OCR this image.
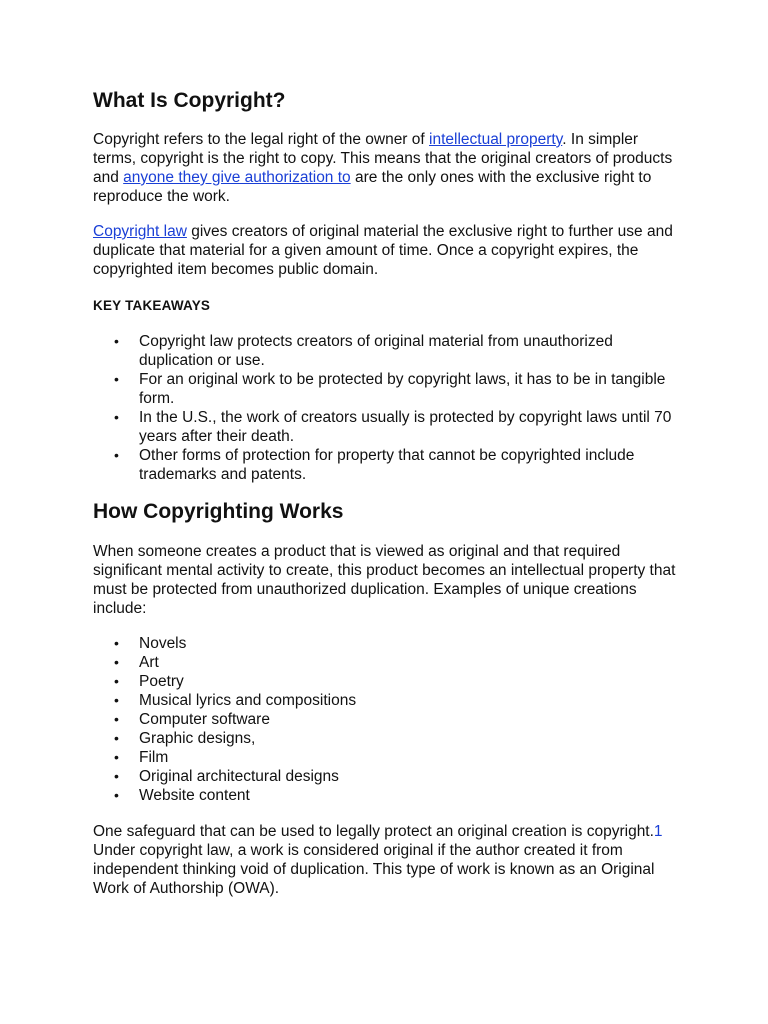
What Is Copyright?

Copyright refers to the legal right of the owner of intellectual property. In simpler terms, copyright is the right to copy. This means that the original creators of products and anyone they give authorization to are the only ones with the exclusive right to reproduce the work.

Copyright law gives creators of original material the exclusive right to further use and duplicate that material for a given amount of time. Once a copyright expires, the copyrighted item becomes public domain.

KEY TAKEAWAYS

• Copyright law protects creators of original material from unauthorized duplication or use.
• For an original work to be protected by copyright laws, it has to be in tangible form.
• In the U.S., the work of creators usually is protected by copyright laws until 70 years after their death.
• Other forms of protection for property that cannot be copyrighted include trademarks and patents.
How Copyrighting Works

When someone creates a product that is viewed as original and that required significant mental activity to create, this product becomes an intellectual property that must be protected from unauthorized duplication. Examples of unique creations include:

• Novels
• Art
• Poetry
• Musical lyrics and compositions
• Computer software
• Graphic designs,
• Film
• Original architectural designs
• Website content

One safeguard that can be used to legally protect an original creation is copyright.1 Under copyright law, a work is considered original if the author created it from independent thinking void of duplication. This type of work is known as an Original Work of Authorship (OWA).
